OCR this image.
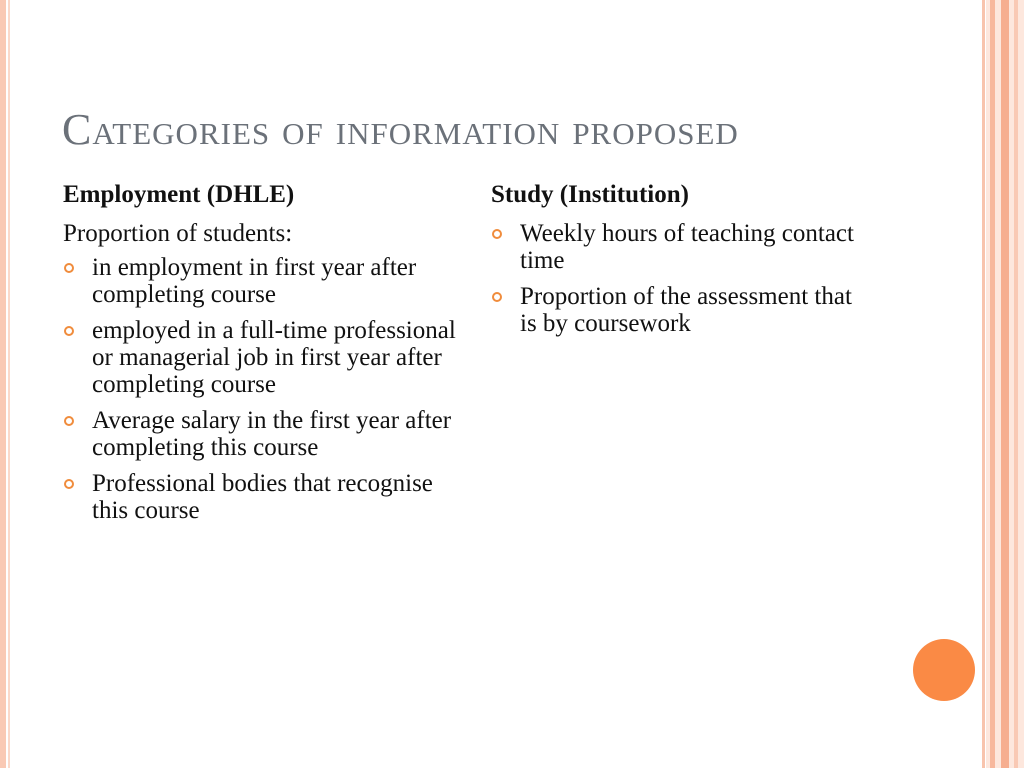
Categories of information proposed
Employment (DHLE)
Proportion of students:
in employment in first year after completing course
employed in a full-time professional or managerial job in first year after completing course
Average salary in the first year after completing this course
Professional bodies that recognise this course
Study (Institution)
Weekly hours of teaching contact time
Proportion of the assessment that is by coursework
